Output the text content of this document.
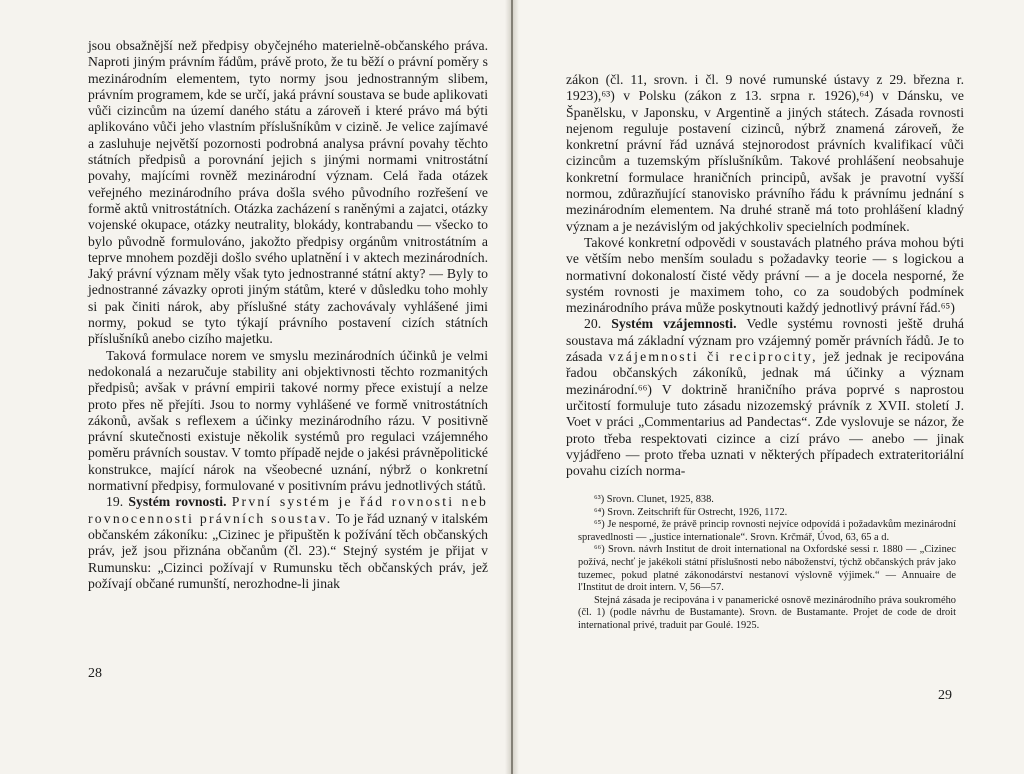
jsou obsažnější než předpisy obyčejného materielně-občanského práva. Naproti jiným právním řádům, právě proto, že tu běží o právní poměry s mezinárodním elementem, tyto normy jsou jednostranným slibem, právním programem, kde se určí, jaká právní soustava se bude aplikovati vůči cizincům na území daného státu a zároveň i které právo má býti aplikováno vůči jeho vlastním příslušníkům v cizině. Je velice zajímavé a zasluhuje největší pozornosti podrobná analysa právní povahy těchto státních předpisů a porovnání jejich s jinými normami vnitrostátní povahy, majícími rovněž mezinárodní význam. Celá řada otázek veřejného mezinárodního práva došla svého původního rozřešení ve formě aktů vnitrostátních. Otázka zacházení s raněnými a zajatci, otázky vojenské okupace, otázky neutrality, blokády, kontrabandu — všecko to bylo původně formulováno, jakožto předpisy orgánům vnitrostátním a teprve mnohem později došlo svého uplatnění i v aktech mezinárodních. Jaký právní význam měly však tyto jednostranné státní akty? — Byly to jednostranné závazky oproti jiným státům, které v důsledku toho mohly si pak činiti nárok, aby příslušné státy zachovávaly vyhlášené jimi normy, pokud se tyto týkají právního postavení cizích státních příslušníků anebo cizího majetku.

Taková formulace norem ve smyslu mezinárodních účinků je velmi nedokonalá a nezaručuje stability ani objektivnosti těchto rozmanitých předpisů; avšak v právní empirii takové normy přece existují a nelze proto přes ně přejíti. Jsou to normy vyhlášené ve formě vnitrostátních zákonů, avšak s reflexem a účinky mezinárodního rázu. V positivně právní skutečnosti existuje několik systémů pro regulaci vzájemného poměru právních soustav. V tomto případě nejde o jakési právněpolitické konstrukce, mající nárok na všeobecné uznání, nýbrž o konkretní normativní předpisy, formulované v positivním právu jednotlivých států.

19. Systém rovnosti. První systém je řád rovnosti neb rovnocennosti právních soustav. To je řád uznaný v italském občanském zákoníku: „Cizinec je připuštěn k požívání těch občanských práv, jež jsou přiznána občanům (čl. 23).“ Stejný systém je přijat v Rumunsku: „Cizinci požívají v Rumunsku těch občanských práv, jež požívají občané rumunští, nerozhodne-li jinak

28

zákon (čl. 11, srovn. i čl. 9 nové rumunské ústavy z 29. března r. 1923),⁶³) v Polsku (zákon z 13. srpna r. 1926),⁶⁴) v Dánsku, ve Španělsku, v Japonsku, v Argentině a jiných státech. Zásada rovnosti nejenom reguluje postavení cizinců, nýbrž znamená zároveň, že konkretní právní řád uznává stejnorodost právních kvalifikací vůči cizincům a tuzemským příslušníkům. Takové prohlášení neobsahuje konkretní formulace hraničních principů, avšak je pravotní vyšší normou, zdůrazňující stanovisko právního řádu k právnímu jednání s mezinárodním elementem. Na druhé straně má toto prohlášení kladný význam a je nezávislým od jakýchkoliv specielních podmínek.

Takové konkretní odpovědi v soustavách platného práva mohou býti ve větším nebo menším souladu s požadavky teorie — s logickou a normativní dokonalostí čisté vědy právní — a je docela nesporné, že systém rovnosti je maximem toho, co za soudobých podmínek mezinárodního práva může poskytnouti každý jednotlivý právní řád.⁶⁵)

20. Systém vzájemnosti. Vedle systému rovnosti ještě druhá soustava má základní význam pro vzájemný poměr právních řádů. Je to zásada vzájemnosti či reciprocity, jež jednak je recipována řadou občanských zákoníků, jednak má účinky a význam mezinárodní.⁶⁶) V doktrině hraničního práva poprvé s naprostou určitostí formuluje tuto zásadu nizozemský právník z XVII. století J. Voet v práci „Commentarius ad Pandectas“. Zde vyslovuje se názor, že proto třeba respektovati cizince a cizí právo — anebo — jinak vyjádřeno — proto třeba uznati v některých případech extrateritoriální povahu cizích norma-

⁶³) Srovn. Clunet, 1925, 838.

⁶⁴) Srovn. Zeitschrift für Ostrecht, 1926, 1172.

⁶⁵) Je nesporné, že právě princip rovnosti nejvíce odpovídá i požadavkům mezinárodní spravedlnosti — „justice internationale“. Srovn. Krčmář, Úvod, 63, 65 a d.

⁶⁶) Srovn. návrh Institut de droit international na Oxfordské sessi r. 1880 — „Cizinec požívá, nechť je jakékoli státní příslušnosti nebo náboženství, týchž občanských práv jako tuzemec, pokud platné zákonodárství nestanoví výslovně výjimek.“ — Annuaire de l'Institut de droit intern. V, 56—57.

Stejná zásada je recipována i v panamerické osnově mezinárodního práva soukromého (čl. 1) (podle návrhu de Bustamante). Srovn. de Bustamante. Projet de code de droit international privé, traduit par Goulé. 1925.

29
